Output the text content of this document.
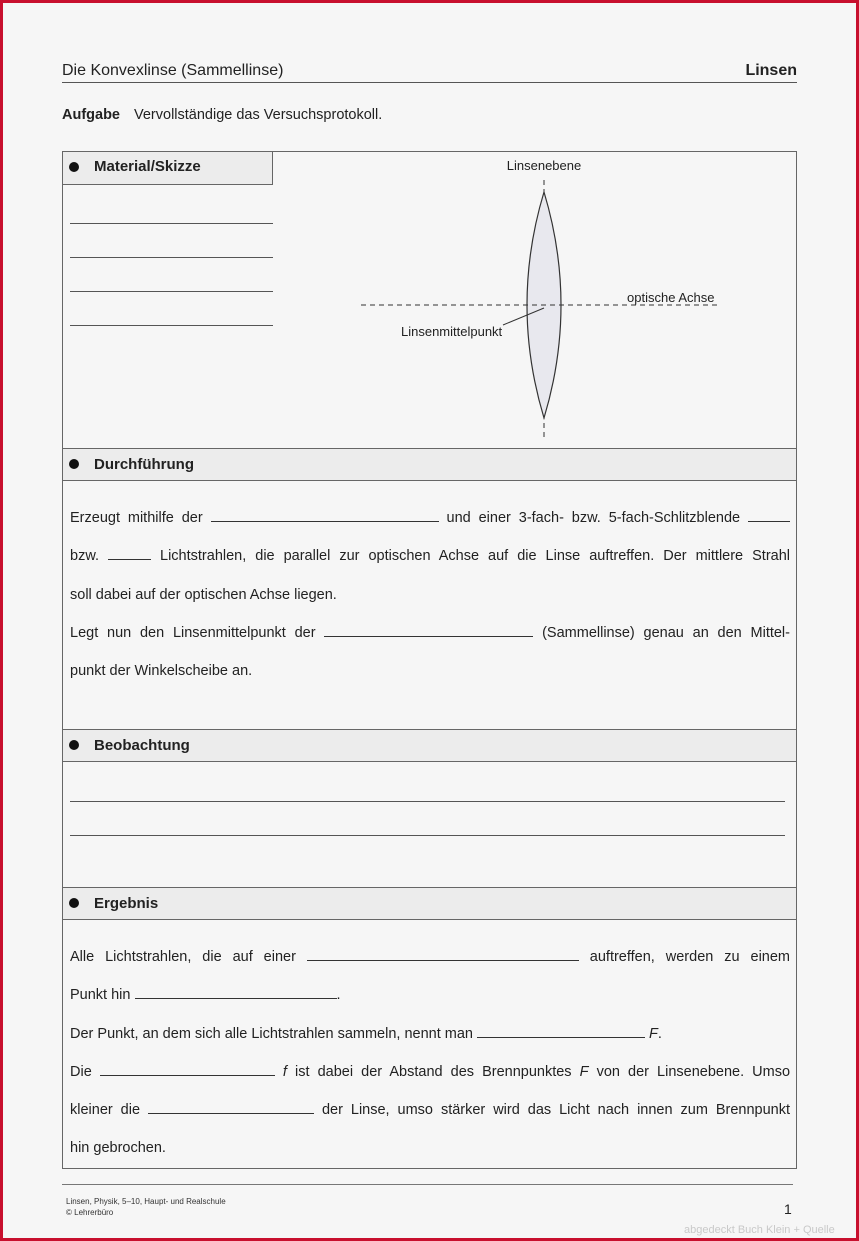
Die Konvexlinse (Sammellinse)	Linsen
Aufgabe Vervollständige das Versuchsprotokoll.
Material/Skizze	Linsenebene
optische Achse
Linsenmittelpunkt
Durchführung
Erzeugt mithilfe der	und einer 3-fach- bzw. 5-fach-Schlitzblende
bzw.	Lichtstrahlen, die parallel zur optischen Achse auf die Linse auftreffen. Der mittlere Strahl
soll dabei auf der optischen Achse liegen.
Legt nun den Linsenmittelpunkt der	(Sammellinse) genau an den Mittel-
punkt der Winkelscheibe an.
Beobachtung
Ergebnis
Alle Lichtstrahlen, die auf einer	auftreffen, werden zu einem
Punkt hin	.
Der Punkt, an dem sich alle Lichtstrahlen sammeln, nennt man	F.
Die	f ist dabei der Abstand des Brennpunktes F von der Linsenebene. Umso
kleiner die	der Linse, umso stärker wird das Licht nach innen zum Brennpunkt
hin gebrochen.
Linsen, Physik, 5–10, Haupt- und Realschule
© Lehrerbüro	1
abgedeckt Buch Klein + Quelle
